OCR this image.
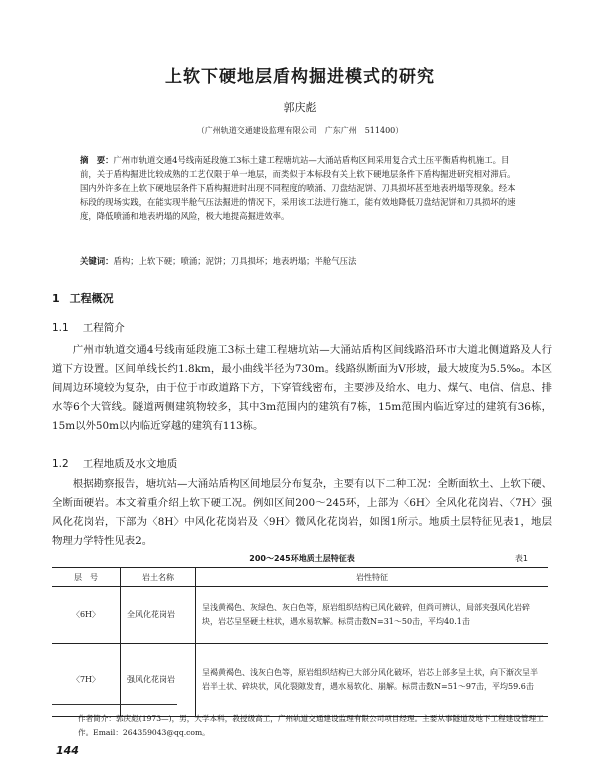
上软下硬地层盾构掘进模式的研究
郭庆彪
（广州轨道交通建设监理有限公司　广东广州　511400）
摘　要：广州市轨道交通4号线南延段施工3标土建工程塘坑站—大涌站盾构区间采用复合式土压平衡盾构机施工。目前，关于盾构掘进比较成熟的工艺仅限于单一地层，而类似于本标段有关上软下硬地层条件下盾构掘进研究相对滞后。国内外许多在上软下硬地层条件下盾构掘进时出现不同程度的喷涌、刀盘结泥饼、刀具损坏甚至地表坍塌等现象。经本标段的现场实践，在能实现半舱气压法掘进的情况下，采用该工法进行施工，能有效地降低刀盘结泥饼和刀具损坏的速度，降低喷涌和地表坍塌的风险，极大地提高掘进效率。
关键词：盾构；上软下硬；喷涌；泥饼；刀具损坏；地表坍塌；半舱气压法
1 工程概况
1.1 工程简介
广州市轨道交通4号线南延段施工3标土建工程塘坑站—大涌站盾构区间线路沿环市大道北侧道路及人行道下方设置。区间单线长约1.8km，最小曲线半径为730m。线路纵断面为V形坡，最大坡度为5.5‰。本区间周边环境较为复杂，由于位于市政道路下方，下穿管线密布，主要涉及给水、电力、煤气、电信、信息、排水等6个大管线。隧道两侧建筑物较多，其中3m范围内的建筑有7栋，15m范围内临近穿过的建筑有36栋，15m以外50m以内临近穿越的建筑有113栋。
1.2 工程地质及水文地质
根据勘察报告，塘坑站—大涌站盾构区间地层分布复杂，主要有以下二种工况：全断面软土、上软下硬、全断面硬岩。本文着重介绍上软下硬工况。例如区间200～245环，上部为〈6H〉全风化花岗岩、〈7H〉强风化花岗岩，下部为〈8H〉中风化花岗岩及〈9H〉微风化花岗岩，如图1所示。地质土层特征见表1，地层物理力学特性见表2。
200～245环地质土层特征表	表1
层　号	岩土名称	岩性特征
〈6H〉	全风化花岗岩	呈浅黄褐色、灰绿色、灰白色等，原岩组织结构已风化破碎，但尚可辨认，局部夹强风化岩碎块，岩芯呈坚硬土柱状，遇水易软解。标贯击数N=31～50击，平均40.1击
〈7H〉	强风化花岗岩	呈褐黄褐色、浅灰白色等，原岩组织结构已大部分风化破坏，岩芯上部多呈土状，向下渐次呈半岩半土状、碎块状，风化裂隙发育，遇水易软化、崩解。标贯击数N=51～97击，平均59.6击
作者简介：郭庆彪(1973—)，男，大学本科，教授级高工，广州轨道交通建设监理有限公司项目经理。主要从事隧道及地下工程建设管理工作。Email：264359043@qq.com。
144
